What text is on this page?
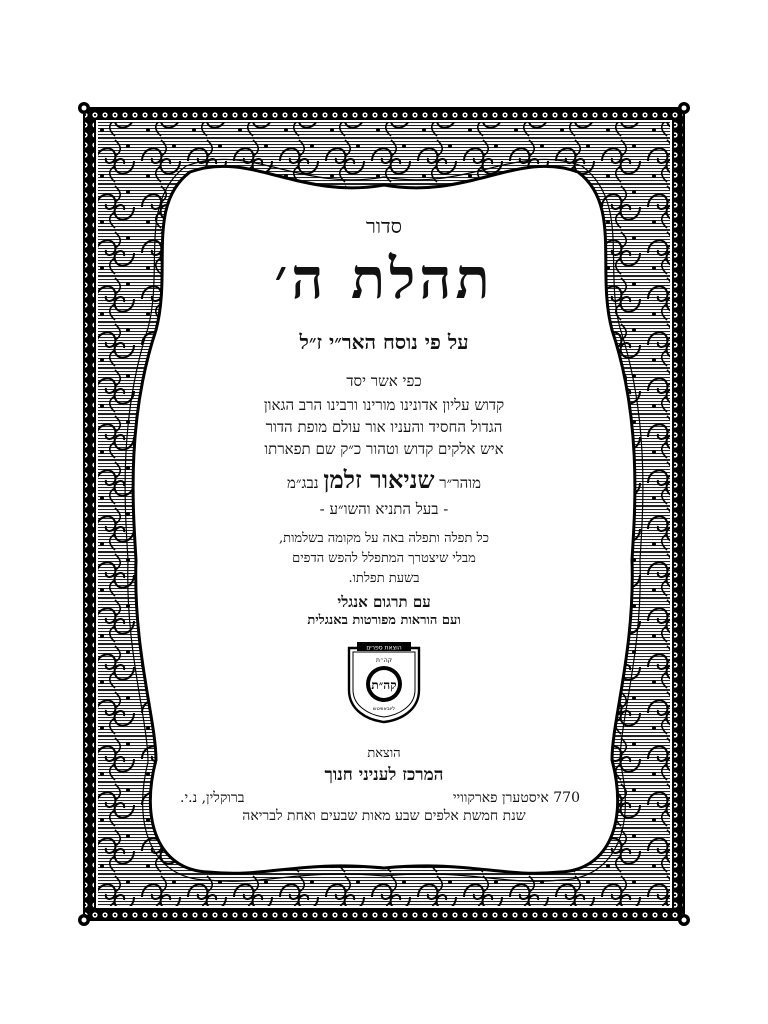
סדור
תהלת ה׳
על פי נוסח האר״י ז״ל
כפי אשר יסד
קדוש עליון אדונינו מורינו ורבינו הרב הגאון
הגדול החסיד והעניו אור עולם מופת הדור
איש אלקים קדוש וטהור כ״ק שם תפארתו
מוהר״ר שניאור זלמן נבג״מ
- בעל התניא והשו״ע -
כל תפלה ותפלה באה על מקומה בשלמות,
מבלי שיצטרך המתפלל להפש הדפים
בשעת תפלתו.
עם תרגום אנגלי
ועם הוראות מפורטות באנגלית
הוצאת
המרכז לעניני חנוך
770 איסטערן פארקוויי
ברוקלין, נ.י.
שנת חמשת אלפים שבע מאות שבעים ואחת לבריאה
הוצאת ספרים
קה״ת
קה״ת
ליובאוויטש
